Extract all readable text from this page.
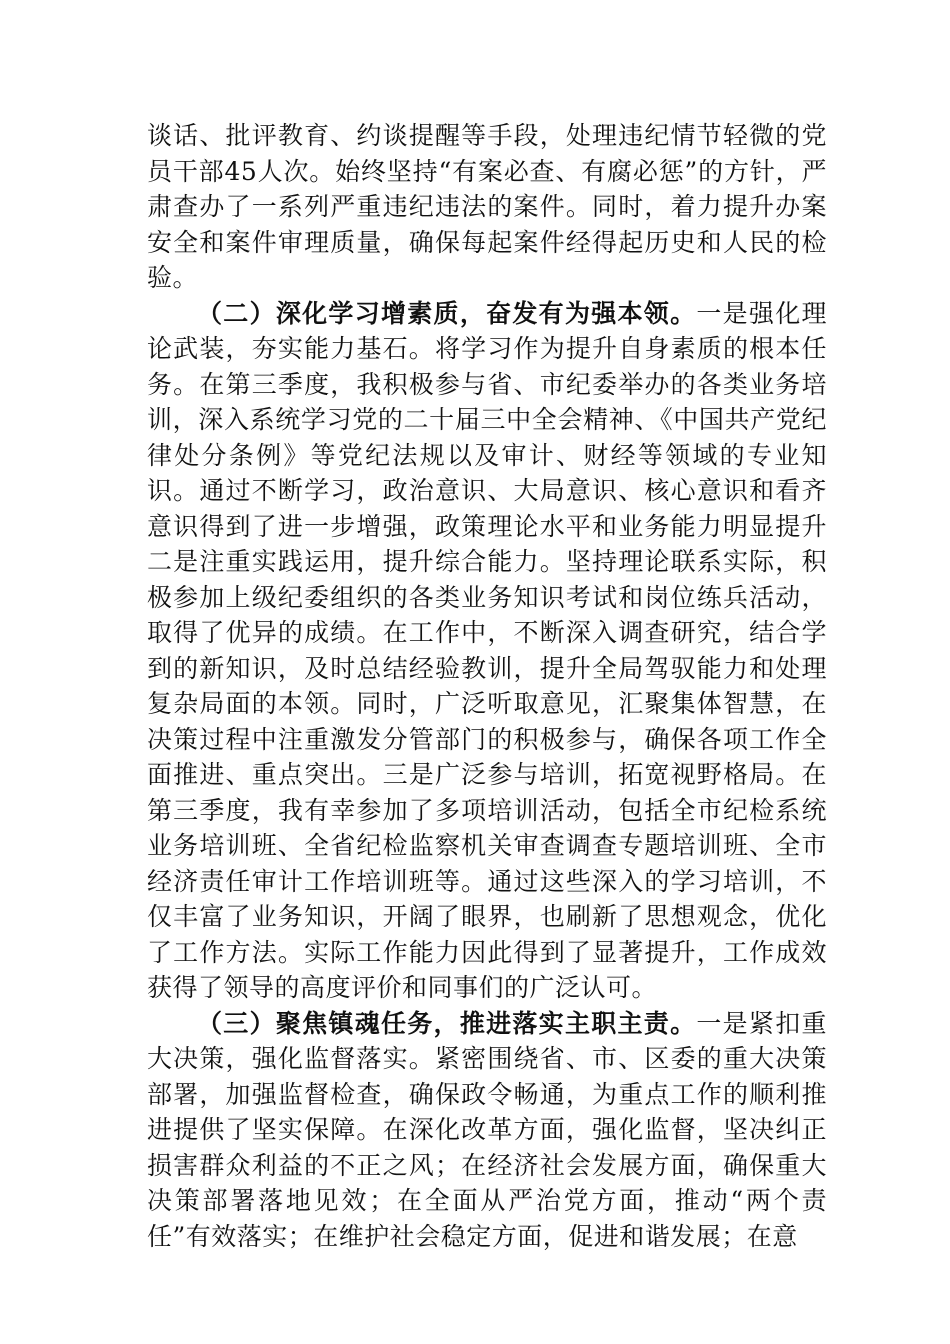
谈话、批评教育、约谈提醒等手段，处理违纪情节轻微的党员干部45人次。始终坚持“有案必查、有腐必惩”的方针，严肃查办了一系列严重违纪违法的案件。同时，着力提升办案安全和案件审理质量，确保每起案件经得起历史和人民的检验。

（二）深化学习增素质，奋发有为强本领。一是强化理论武装，夯实能力基石。将学习作为提升自身素质的根本任务。在第三季度，我积极参与省、市纪委举办的各类业务培训，深入系统学习党的二十届三中全会精神、《中国共产党纪律处分条例》等党纪法规以及审计、财经等领域的专业知识。通过不断学习，政治意识、大局意识、核心意识和看齐意识得到了进一步增强，政策理论水平和业务能力明显提升二是注重实践运用，提升综合能力。坚持理论联系实际，积极参加上级纪委组织的各类业务知识考试和岗位练兵活动，取得了优异的成绩。在工作中，不断深入调查研究，结合学到的新知识，及时总结经验教训，提升全局驾驭能力和处理复杂局面的本领。同时，广泛听取意见，汇聚集体智慧，在决策过程中注重激发分管部门的积极参与，确保各项工作全面推进、重点突出。三是广泛参与培训，拓宽视野格局。在第三季度，我有幸参加了多项培训活动，包括全市纪检系统业务培训班、全省纪检监察机关审查调查专题培训班、全市经济责任审计工作培训班等。通过这些深入的学习培训，不仅丰富了业务知识，开阔了眼界，也刷新了思想观念，优化了工作方法。实际工作能力因此得到了显著提升，工作成效获得了领导的高度评价和同事们的广泛认可。

（三）聚焦镇魂任务，推进落实主职主责。一是紧扣重大决策，强化监督落实。紧密围绕省、市、区委的重大决策部署，加强监督检查，确保政令畅通，为重点工作的顺利推进提供了坚实保障。在深化改革方面，强化监督，坚决纠正损害群众利益的不正之风；在经济社会发展方面，确保重大决策部署落地见效；在全面从严治党方面，推动“两个责任”有效落实；在维护社会稳定方面，促进和谐发展；在意
